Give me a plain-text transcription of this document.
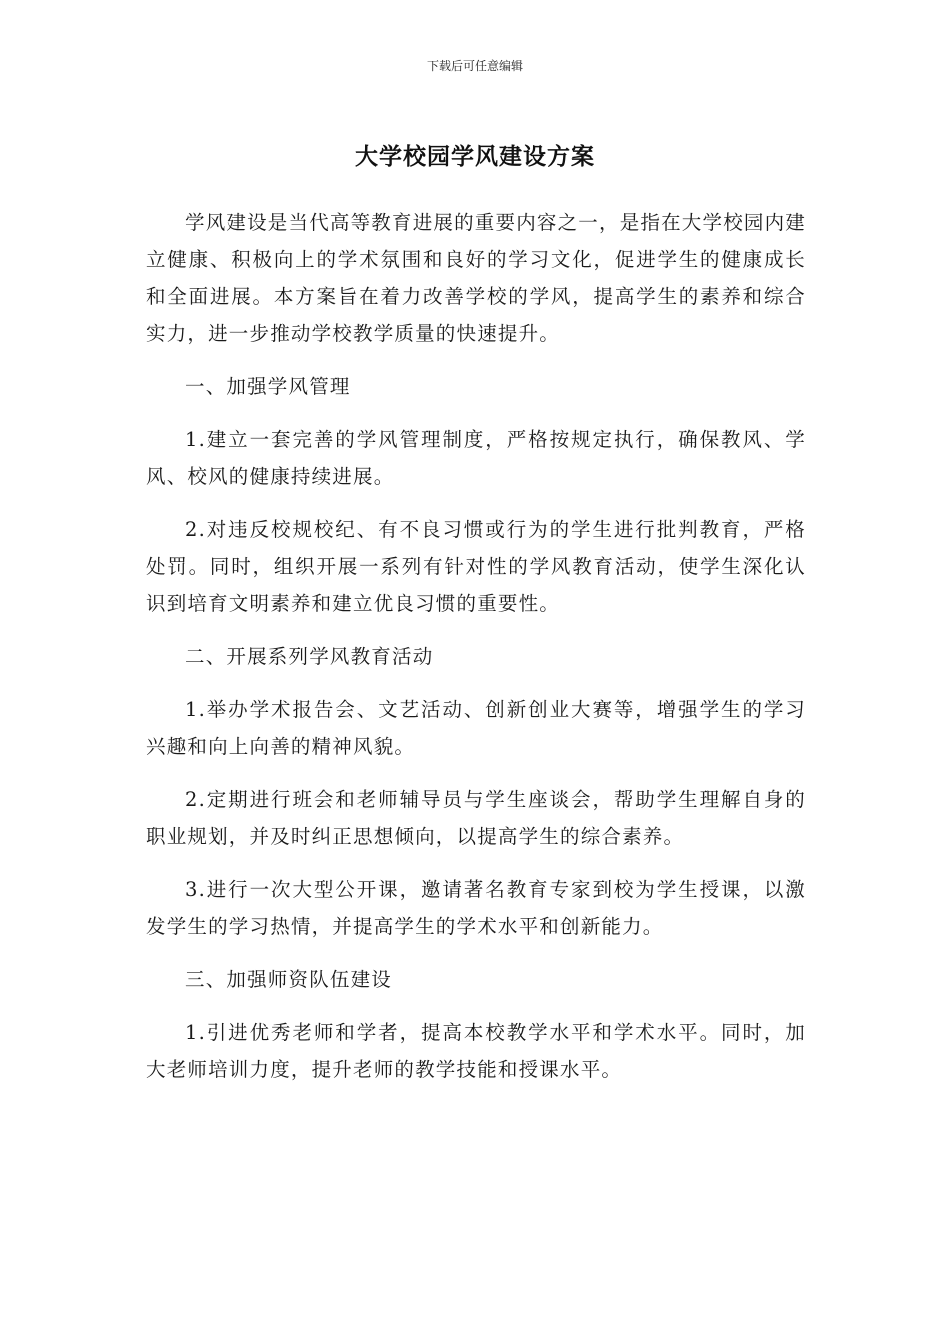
下载后可任意编辑
大学校园学风建设方案

学风建设是当代高等教育进展的重要内容之一，是指在大学校园内建立健康、积极向上的学术氛围和良好的学习文化，促进学生的健康成长和全面进展。本方案旨在着力改善学校的学风，提高学生的素养和综合实力，进一步推动学校教学质量的快速提升。

一、加强学风管理

1.建立一套完善的学风管理制度，严格按规定执行，确保教风、学风、校风的健康持续进展。

2.对违反校规校纪、有不良习惯或行为的学生进行批判教育，严格处罚。同时，组织开展一系列有针对性的学风教育活动，使学生深化认识到培育文明素养和建立优良习惯的重要性。

二、开展系列学风教育活动

1.举办学术报告会、文艺活动、创新创业大赛等，增强学生的学习兴趣和向上向善的精神风貌。

2.定期进行班会和老师辅导员与学生座谈会，帮助学生理解自身的职业规划，并及时纠正思想倾向，以提高学生的综合素养。

3.进行一次大型公开课，邀请著名教育专家到校为学生授课，以激发学生的学习热情，并提高学生的学术水平和创新能力。

三、加强师资队伍建设

1.引进优秀老师和学者，提高本校教学水平和学术水平。同时，加大老师培训力度，提升老师的教学技能和授课水平。
